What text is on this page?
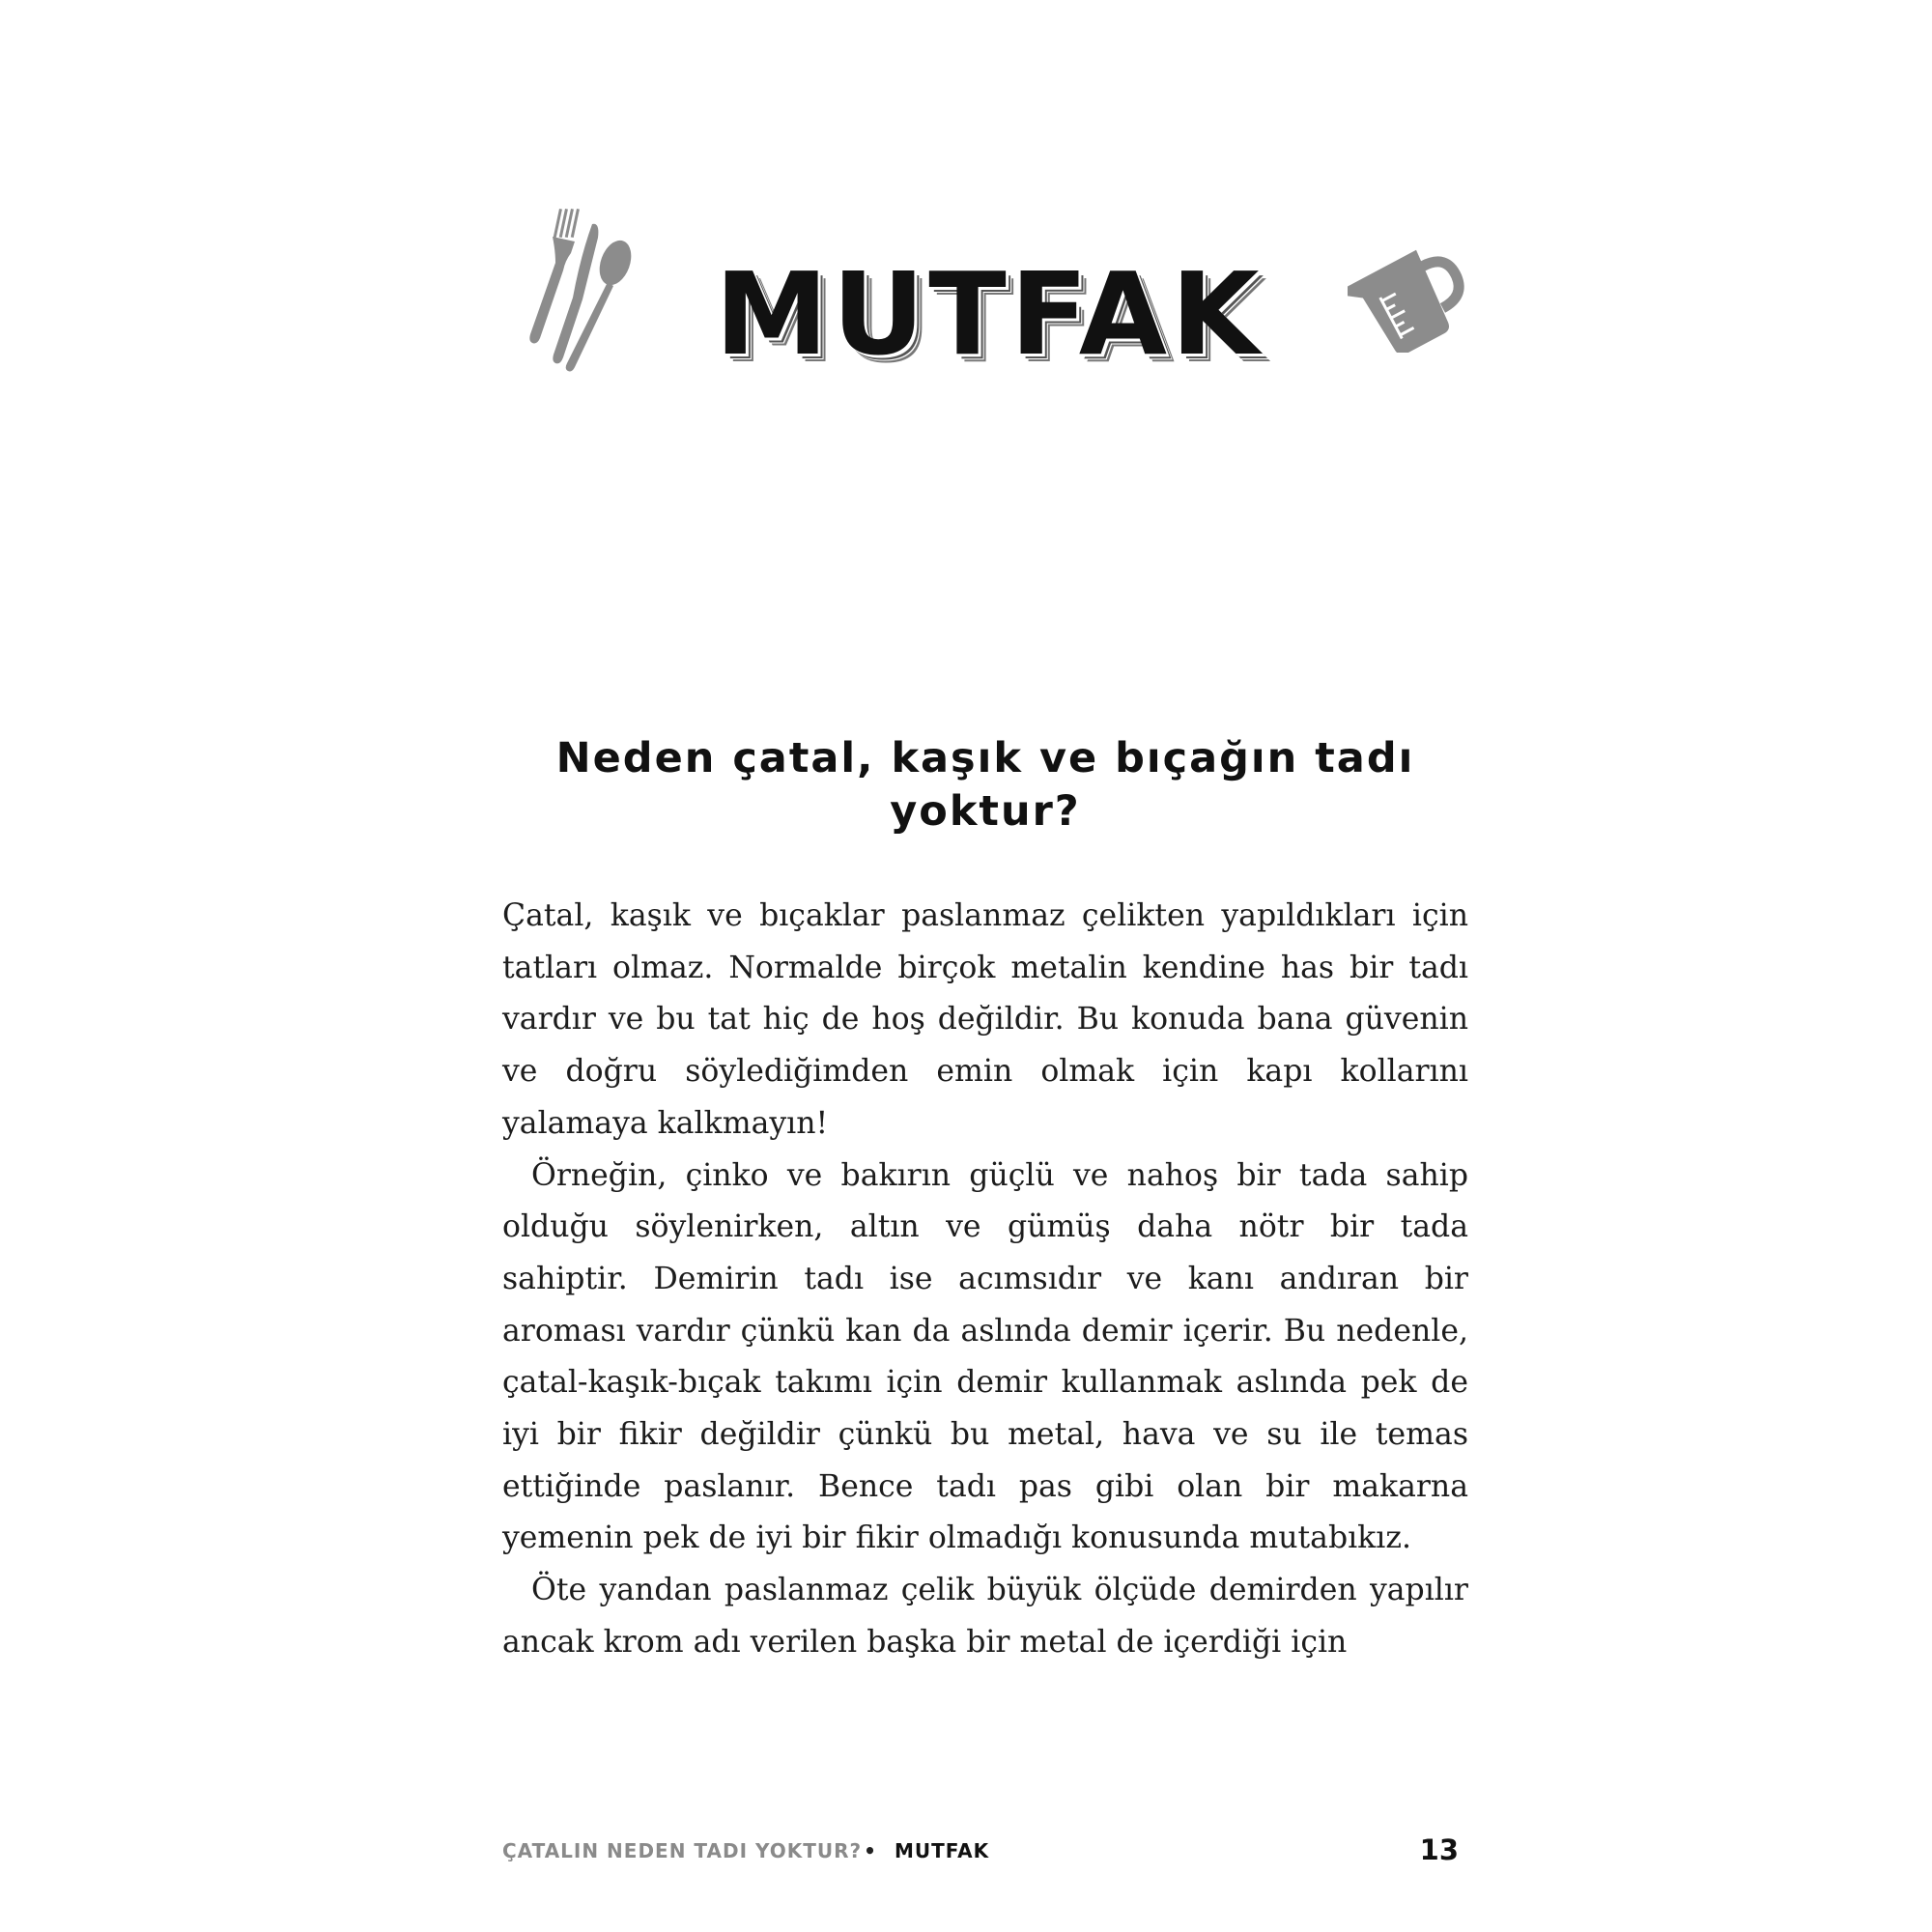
MUTFAK
Neden çatal, kaşık ve bıçağın tadı yoktur?

Çatal, kaşık ve bıçaklar paslanmaz çelikten yapıldıkları için tatları olmaz. Normalde birçok metalin kendine has bir tadı vardır ve bu tat hiç de hoş değildir. Bu konuda bana güvenin ve doğru söylediğimden emin olmak için kapı kollarını yalamaya kalkmayın!

Örneğin, çinko ve bakırın güçlü ve nahoş bir tada sahip olduğu söylenirken, altın ve gümüş daha nötr bir tada sahiptir. Demirin tadı ise acımsıdır ve kanı andıran bir aroması vardır çünkü kan da aslında demir içerir. Bu nedenle, çatal-kaşık-bıçak takımı için demir kullanmak aslında pek de iyi bir fikir değildir çünkü bu metal, hava ve su ile temas ettiğinde paslanır. Bence tadı pas gibi olan bir makarna yemenin pek de iyi bir fikir olmadığı konusunda mutabıkız.

Öte yandan paslanmaz çelik büyük ölçüde demirden yapılır ancak krom adı verilen başka bir metal de içerdiği için

ÇATALIN NEDEN TADI YOKTUR? • MUTFAK	13
